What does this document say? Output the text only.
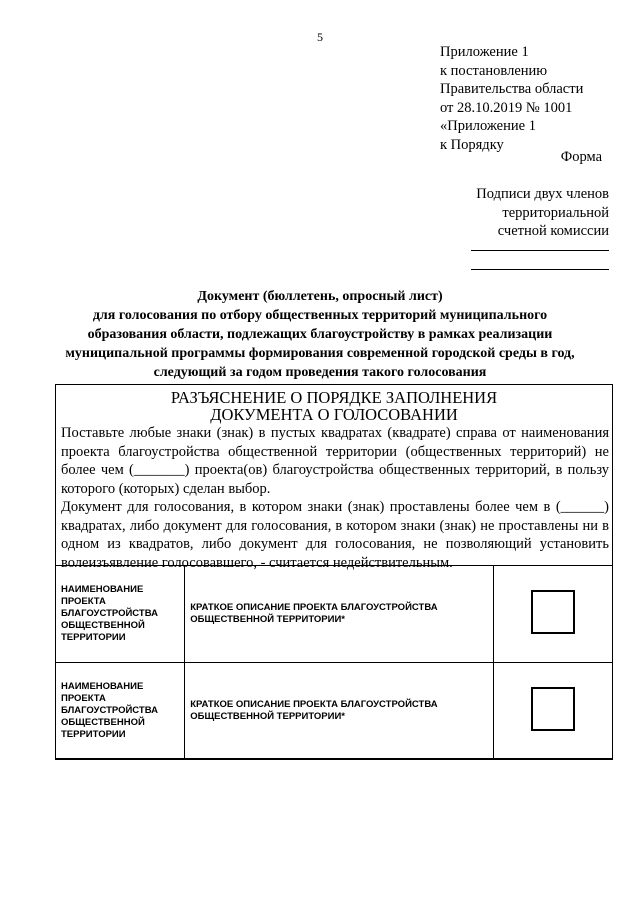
5
Приложение 1
к постановлению
Правительства области
от 28.10.2019 № 1001
«Приложение 1
к Порядку
Форма
Подписи двух членов
территориальной
счетной комиссии
Документ (бюллетень, опросный лист)
для голосования по отбору общественных территорий муниципального образования области, подлежащих благоустройству в рамках реализации муниципальной программы формирования современной городской среды в год, следующий за годом проведения такого голосования
РАЗЪЯСНЕНИЕ О ПОРЯДКЕ ЗАПОЛНЕНИЯ
ДОКУМЕНТА О ГОЛОСОВАНИИ

Поставьте любые знаки (знак) в пустых квадратах (квадрате) справа от наименования проекта благоустройства общественной территории (общественных территорий) не более чем (_______) проекта(ов) благоустройства общественных территорий, в пользу которого (которых) сделан выбор.

Документ для голосования, в котором знаки (знак) проставлены более чем в (______) квадратах, либо документ для голосования, в котором знаки (знак) не проставлены ни в одном из квадратов, либо документ для голосования, не позволяющий установить волеизъявление голосовавшего, - считается недействительным.

НАИМЕНОВАНИЕ ПРОЕКТА БЛАГОУСТРОЙСТВА ОБЩЕСТВЕННОЙ ТЕРРИТОРИИ	КРАТКОЕ ОПИСАНИЕ ПРОЕКТА БЛАГОУСТРОЙСТВА ОБЩЕСТВЕННОЙ ТЕРРИТОРИИ*	
НАИМЕНОВАНИЕ ПРОЕКТА БЛАГОУСТРОЙСТВА ОБЩЕСТВЕННОЙ ТЕРРИТОРИИ	КРАТКОЕ ОПИСАНИЕ ПРОЕКТА БЛАГОУСТРОЙСТВА ОБЩЕСТВЕННОЙ ТЕРРИТОРИИ*	
